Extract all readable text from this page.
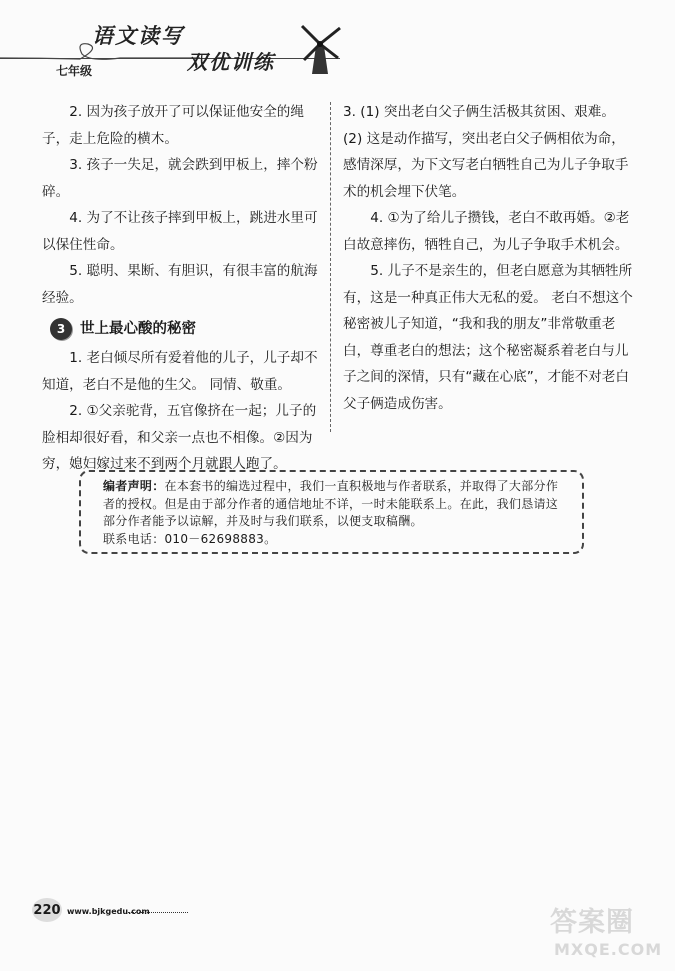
语文读写
双优训练
七年级

2. 因为孩子放开了可以保证他安全的绳子，走上危险的横木。

3. 孩子一失足，就会跌到甲板上，摔个粉碎。

4. 为了不让孩子摔到甲板上，跳进水里可以保住性命。

5. 聪明、果断、有胆识，有很丰富的航海经验。

3	世上最心酸的秘密

1. 老白倾尽所有爱着他的儿子，儿子却不知道，老白不是他的生父。 同情、敬重。

2. ①父亲驼背，五官像挤在一起；儿子的脸相却很好看，和父亲一点也不相像。②因为穷，媳妇嫁过来不到两个月就跟人跑了。

3. (1) 突出老白父子俩生活极其贫困、艰难。

(2) 这是动作描写，突出老白父子俩相依为命，感情深厚，为下文写老白牺牲自己为儿子争取手术的机会埋下伏笔。

4. ①为了给儿子攒钱，老白不敢再婚。②老白故意摔伤，牺牲自己，为儿子争取手术机会。

5. 儿子不是亲生的，但老白愿意为其牺牲所有，这是一种真正伟大无私的爱。 老白不想这个秘密被儿子知道，“我和我的朋友”非常敬重老白，尊重老白的想法；这个秘密凝系着老白与儿子之间的深情，只有“藏在心底”，才能不对老白父子俩造成伤害。

编者声明：在本套书的编选过程中，我们一直积极地与作者联系，并取得了大部分作者的授权。但是由于部分作者的通信地址不详，一时未能联系上。在此，我们恳请这部分作者能予以谅解，并及时与我们联系，以便支取稿酬。
联系电话：010－62698883。
220 www.bjkgedu.com	答案圈
MXQE.COM
